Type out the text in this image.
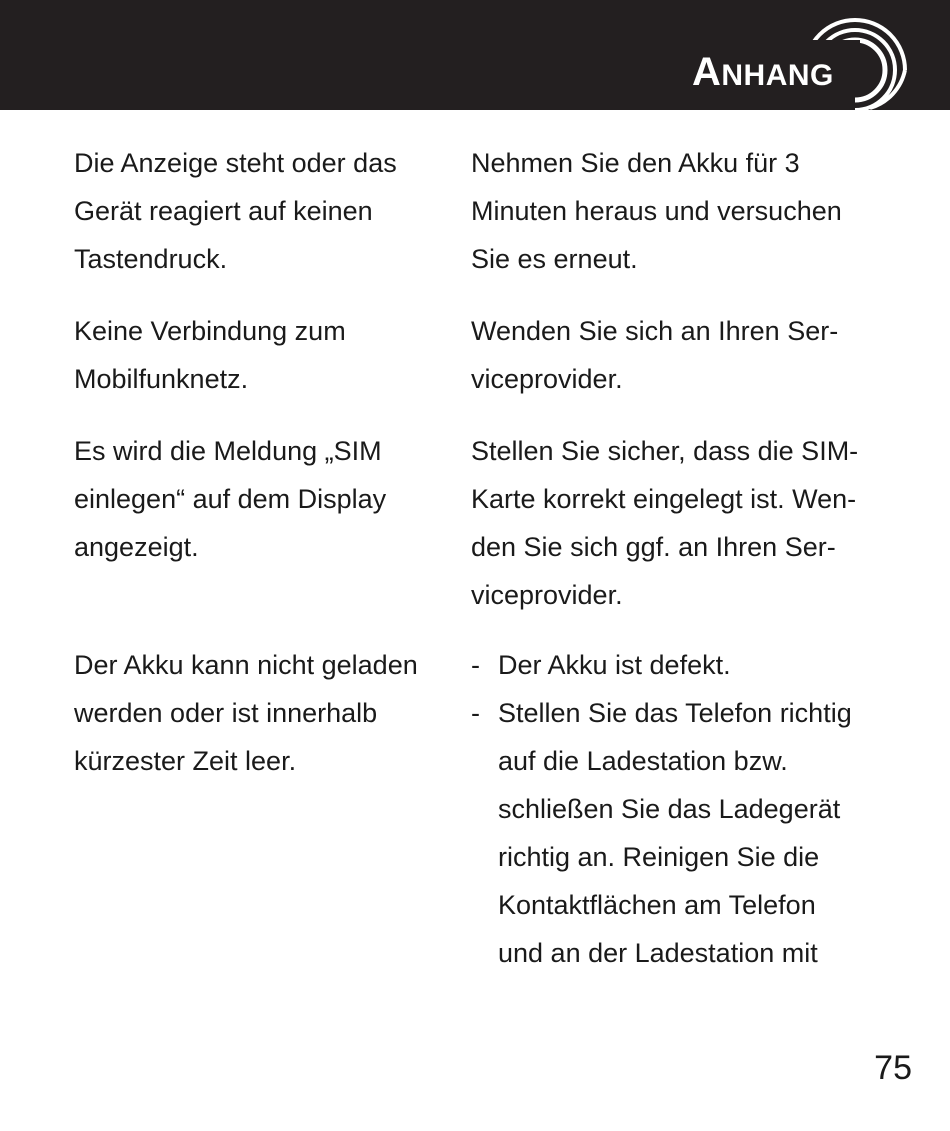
ANHANG
Die Anzeige steht oder das
Gerät reagiert auf keinen
Tastendruck.
Nehmen Sie den Akku für 3
Minuten heraus und versuchen
Sie es erneut.
Keine Verbindung zum
Mobilfunknetz.
Wenden Sie sich an Ihren Ser-
viceprovider.
Es wird die Meldung „SIM
einlegen“ auf dem Display
angezeigt.
Stellen Sie sicher, dass die SIM-
Karte korrekt eingelegt ist. Wen-
den Sie sich ggf. an Ihren Ser-
viceprovider.
Der Akku kann nicht geladen
werden oder ist innerhalb
kürzester Zeit leer.
- Der Akku ist defekt.
- Stellen Sie das Telefon richtig
auf die Ladestation bzw.
schließen Sie das Ladegerät
richtig an. Reinigen Sie die
Kontaktflächen am Telefon
und an der Ladestation mit
75
